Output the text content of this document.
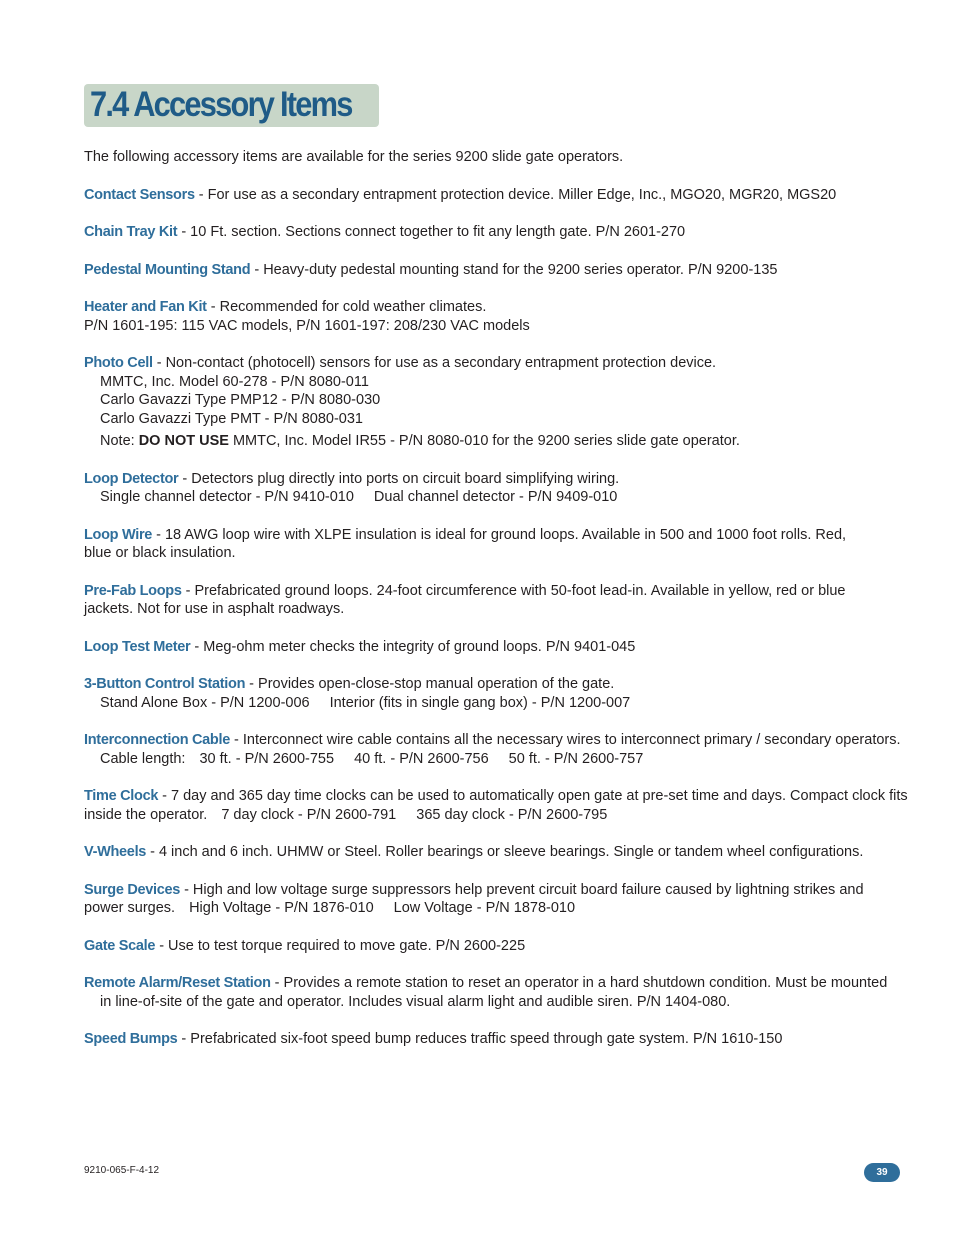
7.4 Accessory Items

The following accessory items are available for the series 9200 slide gate operators.

Contact Sensors - For use as a secondary entrapment protection device. Miller Edge, Inc., MGO20, MGR20, MGS20

Chain Tray Kit - 10 Ft. section. Sections connect together to fit any length gate. P/N 2601-270

Pedestal Mounting Stand - Heavy-duty pedestal mounting stand for the 9200 series operator. P/N 9200-135

Heater and Fan Kit - Recommended for cold weather climates.

P/N 1601-195: 115 VAC models, P/N 1601-197: 208/230 VAC models

Photo Cell - Non-contact (photocell) sensors for use as a secondary entrapment protection device.

MMTC, Inc. Model 60-278 - P/N 8080-011

Carlo Gavazzi Type PMP12 - P/N 8080-030

Carlo Gavazzi Type PMT - P/N 8080-031

Note: DO NOT USE MMTC, Inc. Model IR55 - P/N 8080-010 for the 9200 series slide gate operator.

Loop Detector - Detectors plug directly into ports on circuit board simplifying wiring.

Single channel detector - P/N 9410-010 Dual channel detector - P/N 9409-010

Loop Wire - 18 AWG loop wire with XLPE insulation is ideal for ground loops. Available in 500 and 1000 foot rolls. Red, blue or black insulation.

Pre-Fab Loops - Prefabricated ground loops. 24-foot circumference with 50-foot lead-in. Available in yellow, red or blue jackets. Not for use in asphalt roadways.

Loop Test Meter - Meg-ohm meter checks the integrity of ground loops. P/N 9401-045

3-Button Control Station - Provides open-close-stop manual operation of the gate.

Stand Alone Box - P/N 1200-006 Interior (fits in single gang box) - P/N 1200-007

Interconnection Cable - Interconnect wire cable contains all the necessary wires to interconnect primary / secondary operators.

Cable length: 30 ft. - P/N 2600-755 40 ft. - P/N 2600-756 50 ft. - P/N 2600-757

Time Clock - 7 day and 365 day time clocks can be used to automatically open gate at pre-set time and days. Compact clock fits

inside the operator. 7 day clock - P/N 2600-791 365 day clock - P/N 2600-795

V-Wheels - 4 inch and 6 inch. UHMW or Steel. Roller bearings or sleeve bearings. Single or tandem wheel configurations.

Surge Devices - High and low voltage surge suppressors help prevent circuit board failure caused by lightning strikes and

power surges. High Voltage - P/N 1876-010 Low Voltage - P/N 1878-010

Gate Scale - Use to test torque required to move gate. P/N 2600-225

Remote Alarm/Reset Station - Provides a remote station to reset an operator in a hard shutdown condition. Must be mounted

in line-of-site of the gate and operator. Includes visual alarm light and audible siren. P/N 1404-080.

Speed Bumps - Prefabricated six-foot speed bump reduces traffic speed through gate system. P/N 1610-150

9210-065-F-4-12	39
